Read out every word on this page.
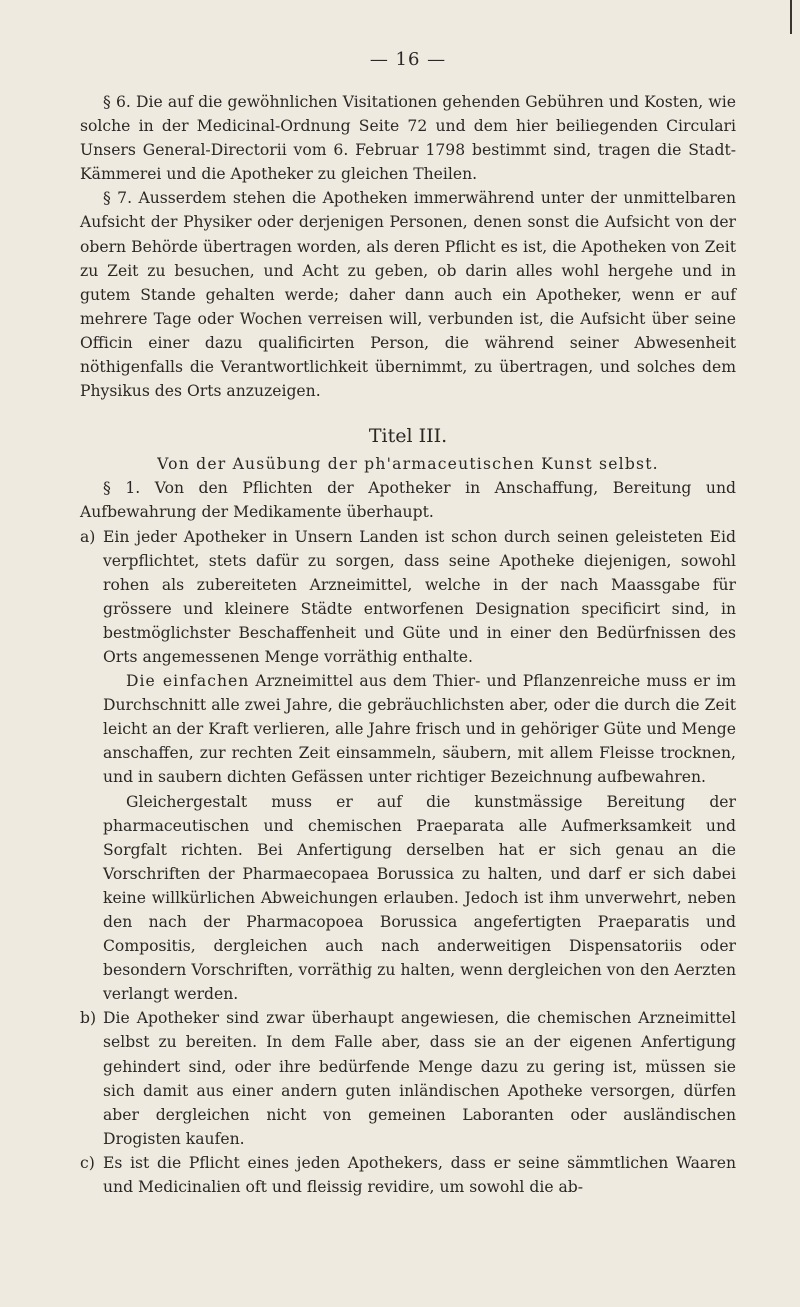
— 16 —

§ 6. Die auf die gewöhnlichen Visitationen gehenden Gebühren und Kosten, wie solche in der Medicinal-Ordnung Seite 72 und dem hier beiliegenden Circulari Unsers General-Directorii vom 6. Februar 1798 bestimmt sind, tragen die Stadt-Kämmerei und die Apotheker zu gleichen Theilen.

§ 7. Ausserdem stehen die Apotheken immerwährend unter der unmittelbaren Aufsicht der Physiker oder derjenigen Personen, denen sonst die Aufsicht von der obern Behörde übertragen worden, als deren Pflicht es ist, die Apotheken von Zeit zu Zeit zu besuchen, und Acht zu geben, ob darin alles wohl hergehe und in gutem Stande gehalten werde; daher dann auch ein Apotheker, wenn er auf mehrere Tage oder Wochen verreisen will, verbunden ist, die Aufsicht über seine Officin einer dazu qualificirten Person, die während seiner Abwesenheit nöthigenfalls die Verantwortlichkeit übernimmt, zu übertragen, und solches dem Physikus des Orts anzuzeigen.

Titel III.

Von der Ausübung der ph'armaceutischen Kunst selbst.

§ 1. Von den Pflichten der Apotheker in Anschaffung, Bereitung und Aufbewahrung der Medikamente überhaupt.

a) Ein jeder Apotheker in Unsern Landen ist schon durch seinen geleisteten Eid verpflichtet, stets dafür zu sorgen, dass seine Apotheke diejenigen, sowohl rohen als zubereiteten Arzneimittel, welche in der nach Maassgabe für grössere und kleinere Städte entworfenen Designation specificirt sind, in bestmöglichster Beschaffenheit und Güte und in einer den Bedürfnissen des Orts angemessenen Menge vorräthig enthalte.

Die einfachen Arzneimittel aus dem Thier- und Pflanzenreiche muss er im Durchschnitt alle zwei Jahre, die gebräuchlichsten aber, oder die durch die Zeit leicht an der Kraft verlieren, alle Jahre frisch und in gehöriger Güte und Menge anschaffen, zur rechten Zeit einsammeln, säubern, mit allem Fleisse trocknen, und in saubern dichten Gefässen unter richtiger Bezeichnung aufbewahren.

Gleichergestalt muss er auf die kunstmässige Bereitung der pharmaceutischen und chemischen Praeparata alle Aufmerksamkeit und Sorgfalt richten. Bei Anfertigung derselben hat er sich genau an die Vorschriften der Pharmaecopaea Borussica zu halten, und darf er sich dabei keine willkürlichen Abweichungen erlauben. Jedoch ist ihm unverwehrt, neben den nach der Pharmacopoea Borussica angefertigten Praeparatis und Compositis, dergleichen auch nach anderweitigen Dispensatoriis oder besondern Vorschriften, vorräthig zu halten, wenn dergleichen von den Aerzten verlangt werden.

b) Die Apotheker sind zwar überhaupt angewiesen, die chemischen Arzneimittel selbst zu bereiten. In dem Falle aber, dass sie an der eigenen Anfertigung gehindert sind, oder ihre bedürfende Menge dazu zu gering ist, müssen sie sich damit aus einer andern guten inländischen Apotheke versorgen, dürfen aber dergleichen nicht von gemeinen Laboranten oder ausländischen Drogisten kaufen.
c) Es ist die Pflicht eines jeden Apothekers, dass er seine sämmtlichen Waaren und Medicinalien oft und fleissig revidire, um sowohl die ab-
